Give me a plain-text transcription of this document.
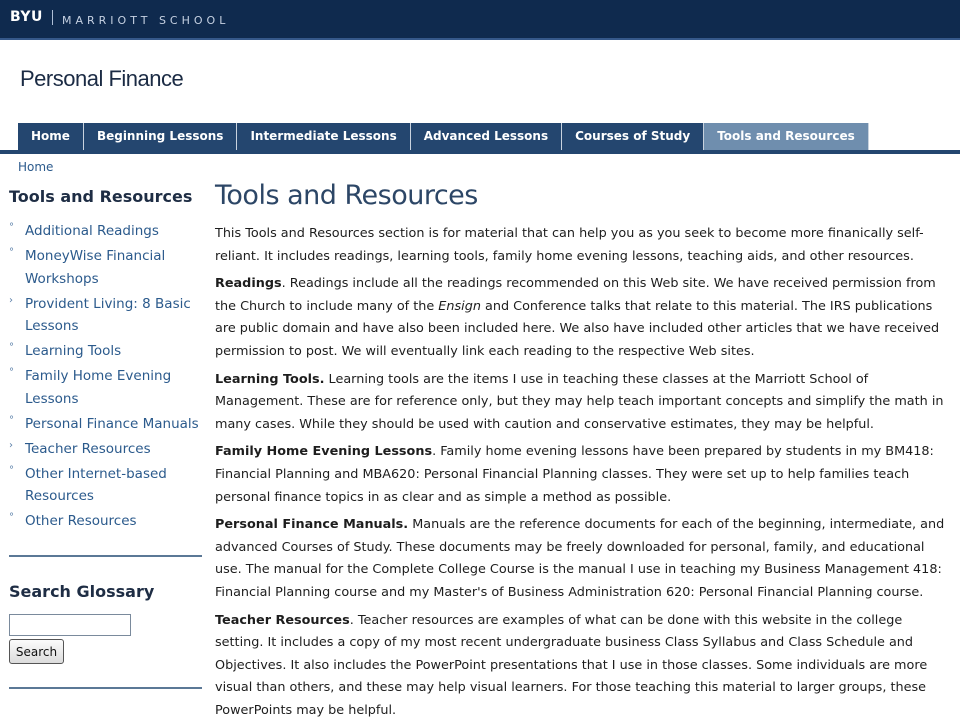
BYU MARRIOTT SCHOOL
Personal Finance
Home	Beginning Lessons	Intermediate Lessons	Advanced Lessons	Courses of Study	Tools and Resources
Home
Tools and Resources
° Additional Readings
° MoneyWise Financial Workshops
› Provident Living: 8 Basic Lessons
° Learning Tools
° Family Home Evening Lessons
° Personal Finance Manuals
› Teacher Resources
° Other Internet-based Resources
° Other Resources
Search Glossary
Search
Tools and Resources

This Tools and Resources section is for material that can help you as you seek to become more finanically self-reliant. It includes readings, learning tools, family home evening lessons, teaching aids, and other resources.

Readings. Readings include all the readings recommended on this Web site. We have received permission from the Church to include many of the Ensign and Conference talks that relate to this material. The IRS publications are public domain and have also been included here. We also have included other articles that we have received permission to post. We will eventually link each reading to the respective Web sites.

Learning Tools. Learning tools are the items I use in teaching these classes at the Marriott School of Management. These are for reference only, but they may help teach important concepts and simplify the math in many cases. While they should be used with caution and conservative estimates, they may be helpful.

Family Home Evening Lessons. Family home evening lessons have been prepared by students in my BM418: Financial Planning and MBA620: Personal Financial Planning classes. They were set up to help families teach personal finance topics in as clear and as simple a method as possible.

Personal Finance Manuals. Manuals are the reference documents for each of the beginning, intermediate, and advanced Courses of Study. These documents may be freely downloaded for personal, family, and educational use. The manual for the Complete College Course is the manual I use in teaching my Business Management 418: Financial Planning course and my Master's of Business Administration 620: Personal Financial Planning course.

Teacher Resources. Teacher resources are examples of what can be done with this website in the college setting. It includes a copy of my most recent undergraduate business Class Syllabus and Class Schedule and Objectives. It also includes the PowerPoint presentations that I use in those classes. Some individuals are more visual than others, and these may help visual learners. For those teaching this material to larger groups, these PowerPoints may be helpful.
